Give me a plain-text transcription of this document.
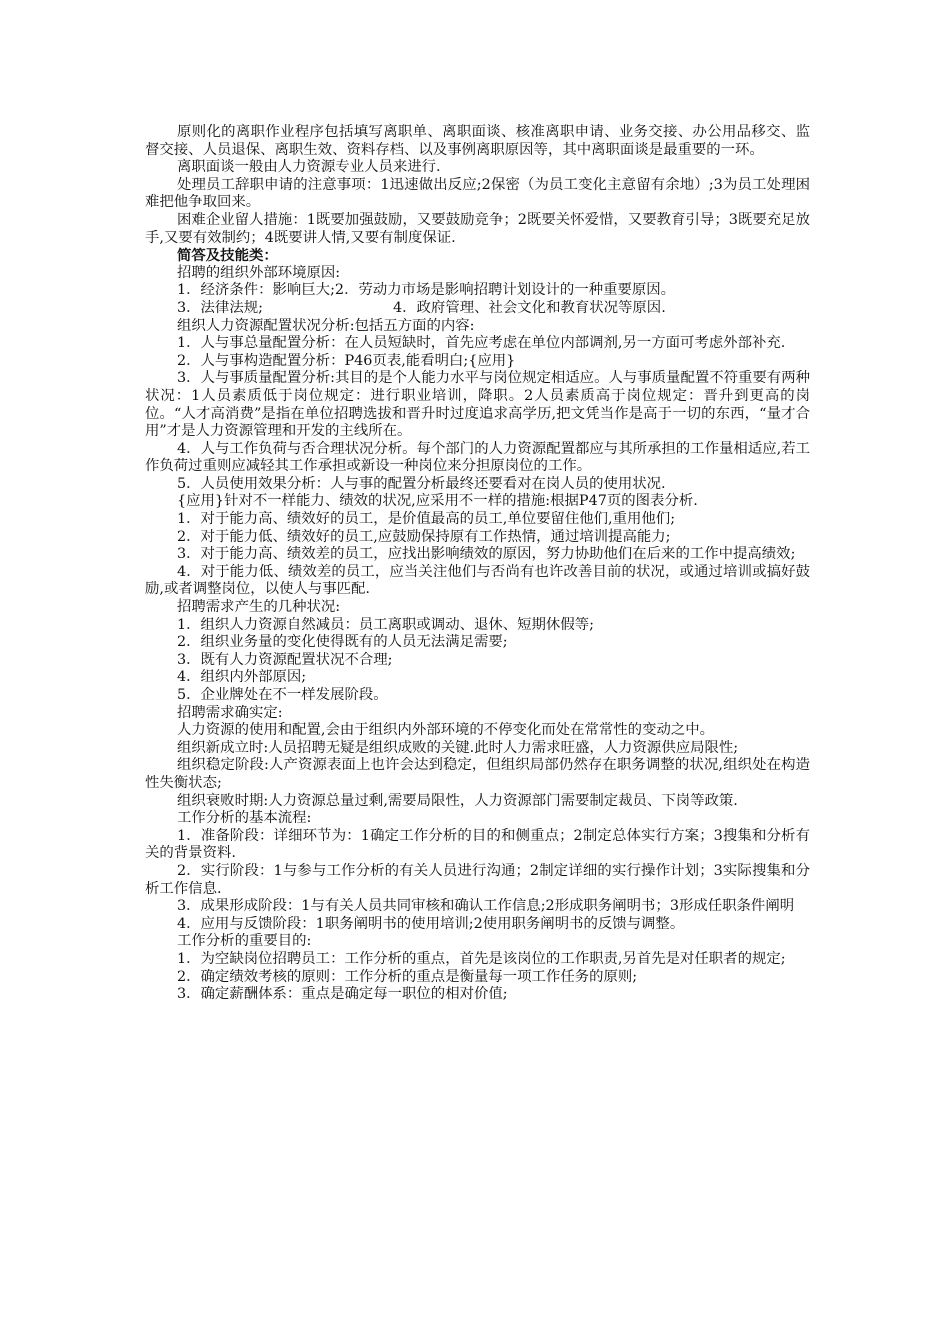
原则化的离职作业程序包括填写离职单、离职面谈、核准离职申请、业务交接、办公用品移交、监督交接、人员退保、离职生效、资料存档、以及事例离职原因等，其中离职面谈是最重要的一环。

离职面谈一般由人力资源专业人员来进行.

处理员工辞职申请的注意事项：1迅速做出反应;2保密（为员工变化主意留有余地）;3为员工处理困难把他争取回来。

困难企业留人措施：1既要加强鼓励，又要鼓励竞争；2既要关怀爱惜，又要教育引导；3既要充足放手,又要有效制约；4既要讲人情,又要有制度保证.

简答及技能类：

招聘的组织外部环境原因:

1．经济条件：影响巨大;2．劳动力市场是影响招聘计划设计的一种重要原因。

3．法律法规;	4．政府管理、社会文化和教育状况等原因.

组织人力资源配置状况分析:包括五方面的内容:

1．人与事总量配置分析：在人员短缺时，首先应考虑在单位内部调剂,另一方面可考虑外部补充.

2．人与事构造配置分析：P46页表,能看明白;{应用}

3．人与事质量配置分析:其目的是个人能力水平与岗位规定相适应。人与事质量配置不符重要有两种状况：1人员素质低于岗位规定：进行职业培训，降职。2人员素质高于岗位规定：晋升到更高的岗位。“人才高消费”是指在单位招聘选拔和晋升时过度追求高学历,把文凭当作是高于一切的东西，“量才合用”才是人力资源管理和开发的主线所在。

4．人与工作负荷与否合理状况分析。每个部门的人力资源配置都应与其所承担的工作量相适应,若工作负荷过重则应减轻其工作承担或新设一种岗位来分担原岗位的工作。

5．人员使用效果分析：人与事的配置分析最终还要看对在岗人员的使用状况.

{应用}针对不一样能力、绩效的状况,应采用不一样的措施:根据P47页的图表分析.

1．对于能力高、绩效好的员工，是价值最高的员工,单位要留住他们,重用他们;

2．对于能力低、绩效好的员工,应鼓励保持原有工作热情，通过培训提高能力;

3．对于能力高、绩效差的员工，应找出影响绩效的原因，努力协助他们在后来的工作中提高绩效;

4．对于能力低、绩效差的员工，应当关注他们与否尚有也许改善目前的状况，或通过培训或搞好鼓励,或者调整岗位，以使人与事匹配.

招聘需求产生的几种状况:

1．组织人力资源自然减员：员工离职或调动、退休、短期休假等;

2．组织业务量的变化使得既有的人员无法满足需要;

3．既有人力资源配置状况不合理;

4．组织内外部原因;

5．企业牌处在不一样发展阶段。

招聘需求确实定:

人力资源的使用和配置,会由于组织内外部环境的不停变化而处在常常性的变动之中。

组织新成立时:人员招聘无疑是组织成败的关键.此时人力需求旺盛，人力资源供应局限性;

组织稳定阶段:人产资源表面上也许会达到稳定，但组织局部仍然存在职务调整的状况,组织处在构造性失衡状态;

组织衰败时期:人力资源总量过剩,需要局限性，人力资源部门需要制定裁员、下岗等政策.

工作分析的基本流程:

1．准备阶段：详细环节为：1确定工作分析的目的和侧重点；2制定总体实行方案；3搜集和分析有关的背景资料.

2．实行阶段：1与参与工作分析的有关人员进行沟通；2制定详细的实行操作计划；3实际搜集和分析工作信息.

3．成果形成阶段：1与有关人员共同审核和确认工作信息;2形成职务阐明书；3形成任职条件阐明

4．应用与反馈阶段：1职务阐明书的使用培训;2使用职务阐明书的反馈与调整。

工作分析的重要目的:

1．为空缺岗位招聘员工：工作分析的重点，首先是该岗位的工作职责,另首先是对任职者的规定;

2．确定绩效考核的原则：工作分析的重点是衡量每一项工作任务的原则;

3．确定薪酬体系：重点是确定每一职位的相对价值;
